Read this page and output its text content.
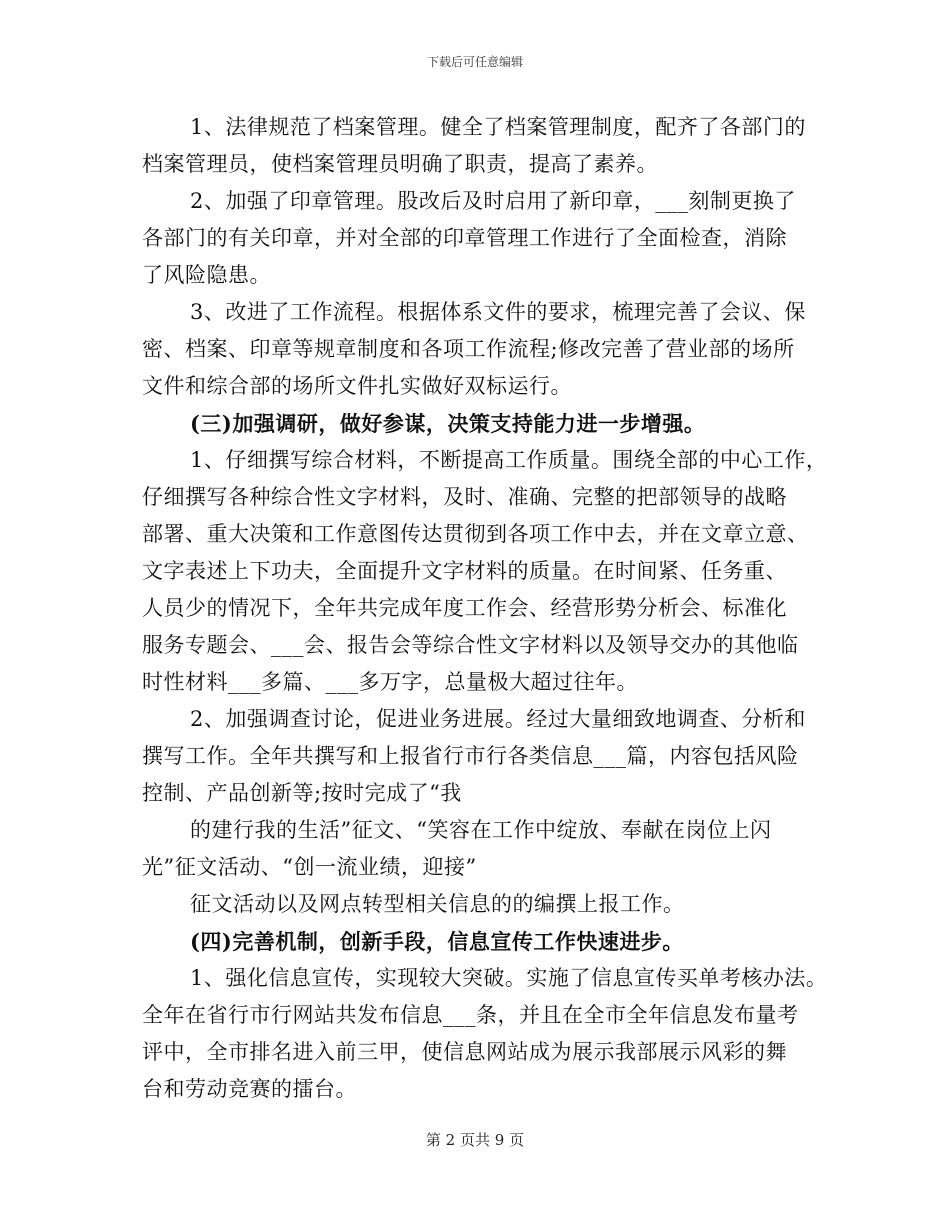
下载后可任意编辑
1、法律规范了档案管理。健全了档案管理制度，配齐了各部门的
档案管理员，使档案管理员明确了职责，提高了素养。
2、加强了印章管理。股改后及时启用了新印章，___刻制更换了
各部门的有关印章，并对全部的印章管理工作进行了全面检查，消除
了风险隐患。
3、改进了工作流程。根据体系文件的要求，梳理完善了会议、保
密、档案、印章等规章制度和各项工作流程;修改完善了营业部的场所
文件和综合部的场所文件扎实做好双标运行。
(三)加强调研，做好参谋，决策支持能力进一步增强。
1、仔细撰写综合材料，不断提高工作质量。围绕全部的中心工作，
仔细撰写各种综合性文字材料，及时、准确、完整的把部领导的战略
部署、重大决策和工作意图传达贯彻到各项工作中去，并在文章立意、
文字表述上下功夫，全面提升文字材料的质量。在时间紧、任务重、
人员少的情况下，全年共完成年度工作会、经营形势分析会、标准化
服务专题会、___会、报告会等综合性文字材料以及领导交办的其他临
时性材料___多篇、___多万字，总量极大超过往年。
2、加强调查讨论，促进业务进展。经过大量细致地调查、分析和
撰写工作。全年共撰写和上报省行市行各类信息___篇，内容包括风险
控制、产品创新等;按时完成了“我
的建行我的生活”征文、“笑容在工作中绽放、奉献在岗位上闪
光”征文活动、“创一流业绩，迎接”
征文活动以及网点转型相关信息的的编撰上报工作。
(四)完善机制，创新手段，信息宣传工作快速进步。
1、强化信息宣传，实现较大突破。实施了信息宣传买单考核办法。
全年在省行市行网站共发布信息___条，并且在全市全年信息发布量考
评中，全市排名进入前三甲，使信息网站成为展示我部展示风彩的舞
台和劳动竞赛的擂台。
第 2 页共 9 页
